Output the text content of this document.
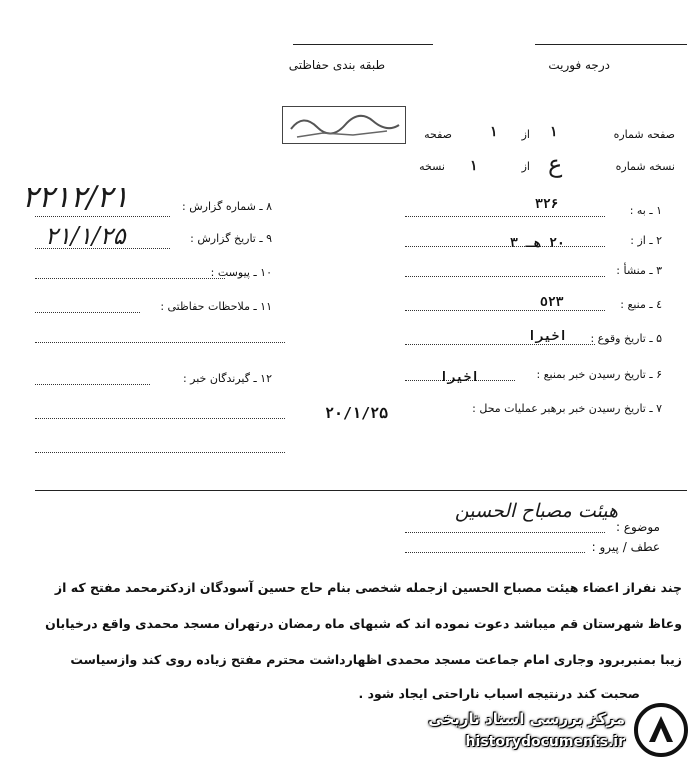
درجه فوریت
طبقه بندی حفاظتی
صفحه شماره
۱
از
۱
صفحه
نسخه شماره
ع
از
۱
نسخه
۱ ـ به :
۳۲۶
۲ ـ از :
۲۰ هـ ۳
۳ ـ منشأ :
٤ ـ منبع :
٥۲۳
۵ ـ تاریخ وقوع :
اخیرا
۶ ـ تاریخ رسیدن خبر بمنبع :
اخیرا
۷ ـ تاریخ رسیدن خبر برهبر عملیات محل :
۲۰/۱/۲۵
۸ ـ شماره گزارش :
۲۲۱۲/۲۱
۹ ـ تاریخ گزارش :
۲۱/۱/۲۵
۱۰ ـ پیوست :
۱۱ ـ ملاحظات حفاظتی :
۱۲ ـ گیرندگان خبر :
موضوع :
هیئت مصباح الحسین
عطف / پیرو :
چند نفراز اعضاء هیئت مصباح الحسین ازجمله شخصی بنام حاج حسین آسودگان ازدکترمحمد مفتح که از
وعاظ شهرستان قم میباشد دعوت نموده اند که شبهای ماه رمضان درتهران مسجد محمدی واقع درخیابان
زیبا بمنبربرود وجاری امام جماعت مسجد محمدی اظهارداشت محترم مفتح زیاده روی کند وازسیاست
صحبت کند درنتیجه اسباب ناراحتی ایجاد شود .
مرکز بررسی اسناد تاریخی
historydocuments.ir
